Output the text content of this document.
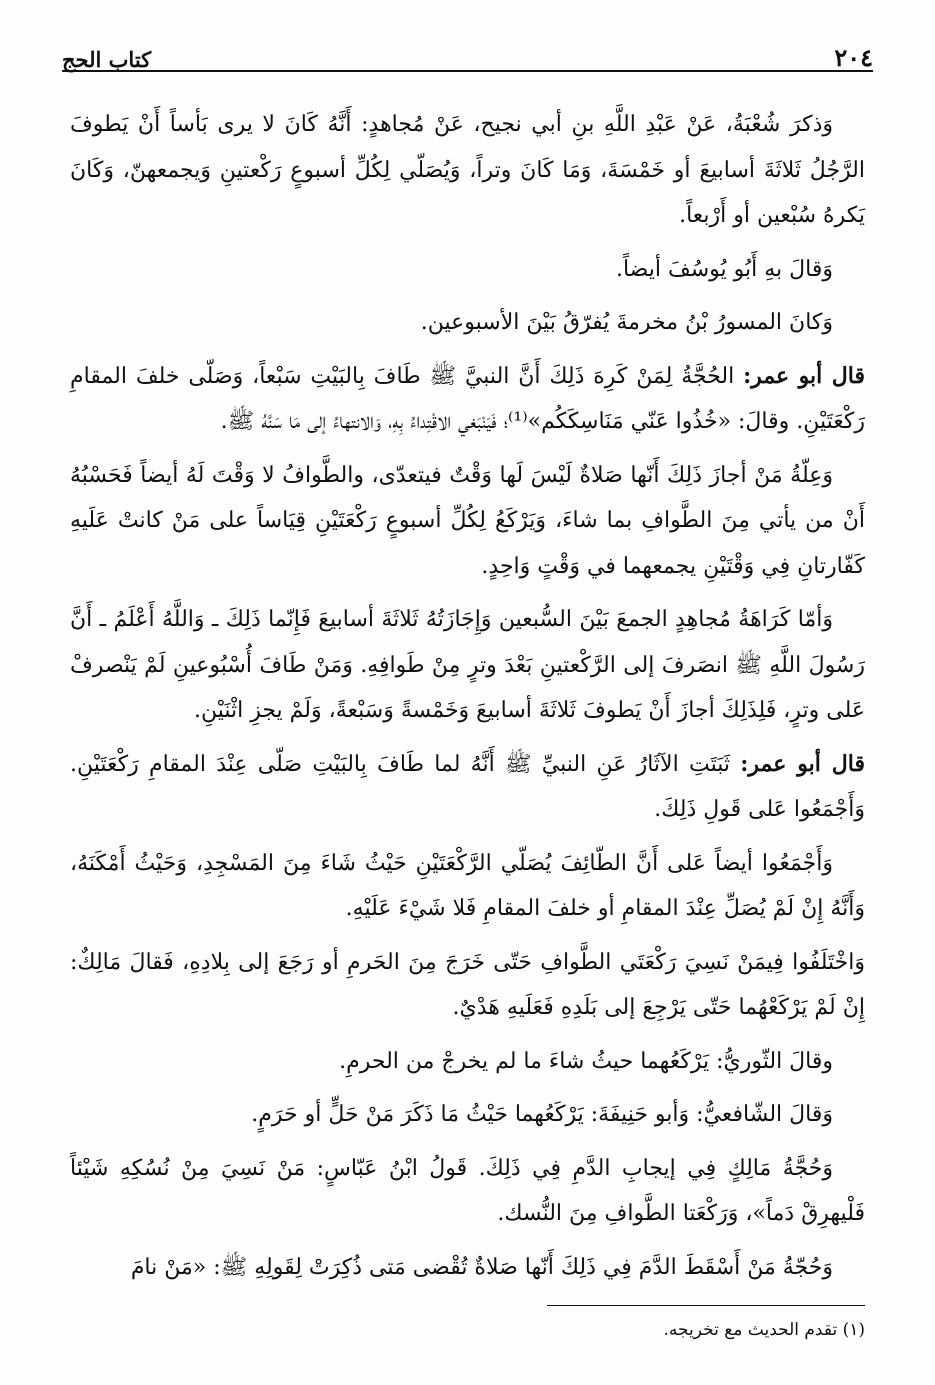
٢٠٤
كتاب الحج

وَذكرَ شُعْبَةُ، عَنْ عَبْدِ اللَّهِ بنِ أبي نجيح، عَنْ مُجاهدٍ: أَنَّهُ كَانَ لا يرى بَأساً أَنْ يَطوفَ الرَّجُلُ ثَلاثَةَ أسابيعَ أو خَمْسَةَ، وَمَا كَانَ وتراً، وَيُصَلّي لِكُلِّ أسبوعٍ رَكْعتينِ وَيجمعهنّ، وَكَانَ يَكرهُ سُبْعين أو أَرْبعاً.

وَقالَ بهِ أَبُو يُوسُفَ أيضاً.

وَكانَ المسورُ بْنُ مخرمةَ يُفرّقُ بَيْنَ الأسبوعين.

قال أبو عمر: الحُجَّةُ لِمَنْ كَرِهَ ذَلِكَ أَنَّ النبيَّ ﷺ طَافَ بِالبَيْتِ سَبْعاً، وَصَلّى خلفَ المقامِ رَكْعَتَيْنِ. وقالَ: «خُذُوا عَنّي مَنَاسِكَكُم»⁽¹⁾؛ فَيَنْبَغي الاقْتِداءُ بِهِ، وَالانتهاءُ إلى مَا سَنَّهُ ﷺ.

وَعِلّةُ مَنْ أجازَ ذَلِكَ أَنّها صَلاةٌ لَيْسَ لَها وَقْتٌ فيتعدّى، والطَّوافُ لا وَقْتَ لَهُ أيضاً فَحَسْبُهُ أَنْ من يأتي مِنَ الطَّوافِ بما شاءَ، وَيَرْكَعُ لِكُلِّ أسبوعٍ رَكْعَتَيْنِ قِيَاساً على مَنْ كانتْ عَلَيهِ كَفّارتانِ فِي وَقْتَيْنِ يجمعهما في وَقْتٍ وَاحِدٍ.

وَأمّا كَرَاهَةُ مُجاهِدٍ الجمعَ بَيْنَ السُّبعين وَإِجَازَتُهُ ثَلاثَةَ أسابيعَ فَإِنّما ذَلِكَ ـ وَاللَّهُ أَعْلَمُ ـ أَنَّ رَسُولَ اللَّهِ ﷺ انصَرفَ إلى الرَّكْعتينِ بَعْدَ وترٍ مِنْ طَوافِهِ. وَمَنْ طَافَ أُسْبُوعينِ لَمْ يَنْصرفْ عَلى وترٍ، فَلِذَلِكَ أجازَ أَنْ يَطوفَ ثَلاثَةَ أسابيعَ وَخَمْسةً وَسَبْعةً، وَلَمْ يجزِ اثْنَيْنِ.

قال أبو عمر: ثَبَتَتِ الآثَارُ عَنِ النبيِّ ﷺ أَنَّهُ لما طَافَ بِالبَيْتِ صَلّى عِنْدَ المقامِ رَكْعَتَيْنِ. وَأَجْمَعُوا عَلى قَولِ ذَلِكَ.

وَأَجْمَعُوا أيضاً عَلى أَنَّ الطّائِفَ يُصَلّي الرَّكْعَتَيْنِ حَيْثُ شَاءَ مِنَ المَسْجِدِ، وَحَيْثُ أَمْكَنَهُ، وَأَنَّهُ إِنْ لَمْ يُصَلِّ عِنْدَ المقامِ أو خلفَ المقامِ فَلا شَيْءَ عَلَيْهِ.

وَاخْتَلَفُوا فِيمَنْ نَسِيَ رَكْعَتَي الطَّوافِ حَتّى خَرَجَ مِنَ الحَرمِ أو رَجَعَ إلى بِلادِهِ، فَقالَ مَالِكٌ: إِنْ لَمْ يَرْكَعْهُما حَتّى يَرْجِعَ إلى بَلَدِهِ فَعَلَيهِ هَدْيٌ.

وقالَ الثّوريُّ: يَرْكَعُهما حيثُ شاءَ ما لم يخرجْ من الحرمِ.

وَقالَ الشّافعيُّ: وَأبو حَنِيفَةَ: يَرْكَعُهما حَيْثُ مَا ذَكَرَ مَنْ حَلٍّ أو حَرَمٍ.

وَحُجَّةُ مَالِكٍ فِي إيجابِ الدَّمِ فِي ذَلِكَ. قَولُ ابْنُ عَبّاسٍ: مَنْ نَسِيَ مِنْ نُسُكِهِ شَيْئاً فَلْيهرِقْ دَماً»، وَرَكْعَتا الطَّوافِ مِنَ النُّسك.

وَحُجّةُ مَنْ أَسْقَطَ الدَّمَ فِي ذَلِكَ أَنّها صَلاةٌ تُقْضى مَتى ذُكِرَتْ لِقَولِهِ ﷺ: «مَنْ نامَ

(١) تقدم الحديث مع تخريجه.
